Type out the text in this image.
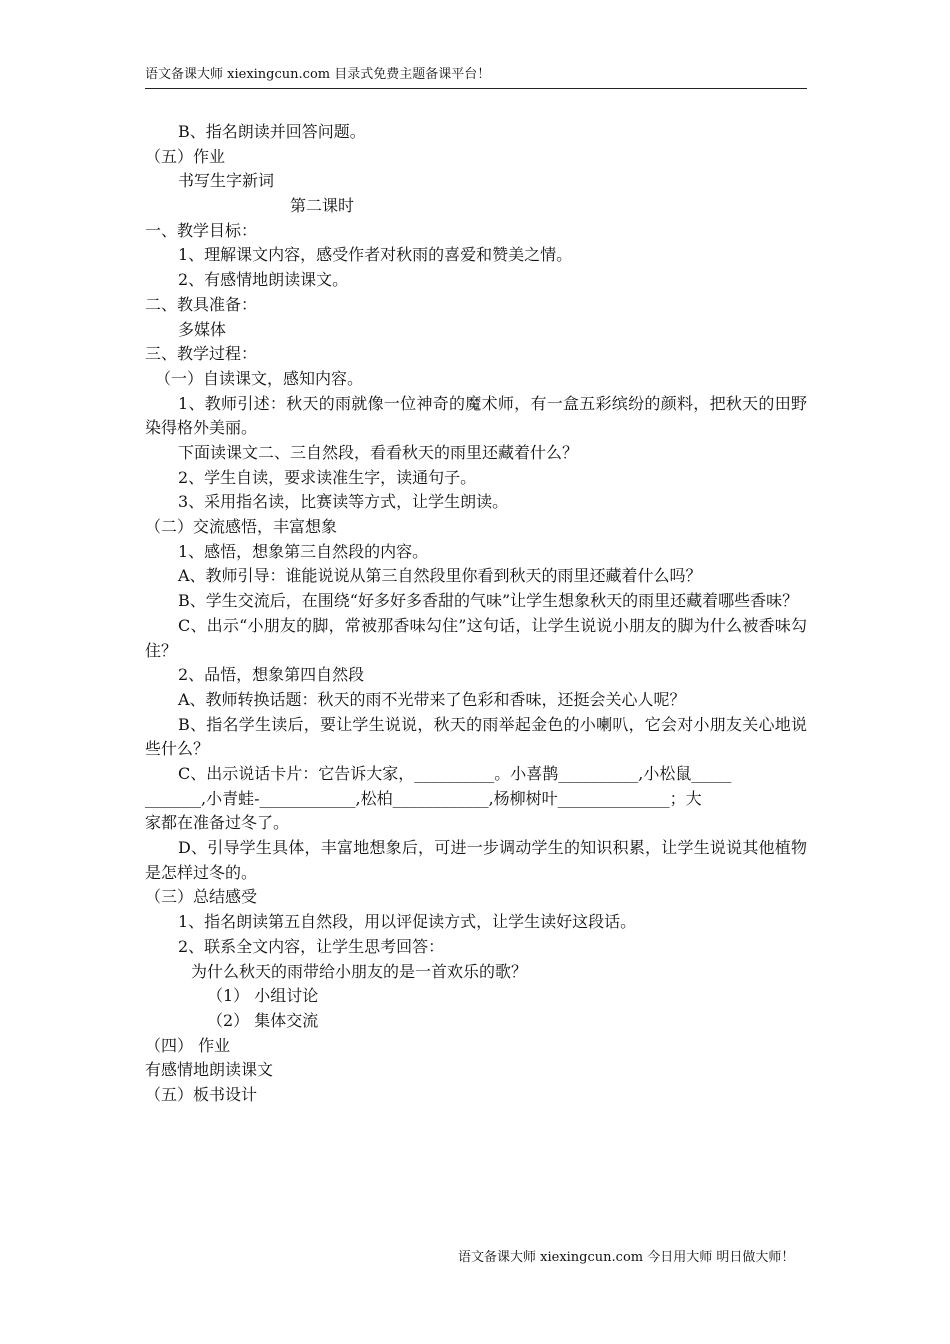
语文备课大师 xiexingcun.com 目录式免费主题备课平台！
B、指名朗读并回答问题。
（五）作业
书写生字新词
第二课时
一、教学目标：
1、理解课文内容，感受作者对秋雨的喜爱和赞美之情。
2、有感情地朗读课文。
二、教具准备：
多媒体
三、教学过程：
（一）自读课文，感知内容。
1、教师引述：秋天的雨就像一位神奇的魔术师，有一盒五彩缤纷的颜料，把秋天的田野染得格外美丽。
下面读课文二、三自然段，看看秋天的雨里还藏着什么？
2、学生自读，要求读准生字，读通句子。
3、采用指名读，比赛读等方式，让学生朗读。
（二）交流感悟，丰富想象
1、感悟，想象第三自然段的内容。
A、教师引导：谁能说说从第三自然段里你看到秋天的雨里还藏着什么吗？
B、学生交流后，在围绕“好多好多香甜的气味”让学生想象秋天的雨里还藏着哪些香味？
C、出示“小朋友的脚，常被那香味勾住”这句话，让学生说说小朋友的脚为什么被香味勾住？
2、品悟，想象第四自然段
A、教师转换话题：秋天的雨不光带来了色彩和香味，还挺会关心人呢？
B、指名学生读后，要让学生说说，秋天的雨举起金色的小喇叭，它会对小朋友关心地说些什么？
C、出示说话卡片：它告诉大家，__________。小喜鹊__________,小松鼠_____
_______,小青蛙-____________,松柏____________,杨柳树叶______________；大
家都在准备过冬了。
D、引导学生具体，丰富地想象后，可进一步调动学生的知识积累，让学生说说其他植物是怎样过冬的。
（三）总结感受
1、指名朗读第五自然段，用以评促读方式，让学生读好这段话。
2、联系全文内容，让学生思考回答：
为什么秋天的雨带给小朋友的是一首欢乐的歌？
（1） 小组讨论
（2） 集体交流
（四） 作业
有感情地朗读课文
（五）板书设计
语文备课大师 xiexingcun.com 今日用大师 明日做大师！
